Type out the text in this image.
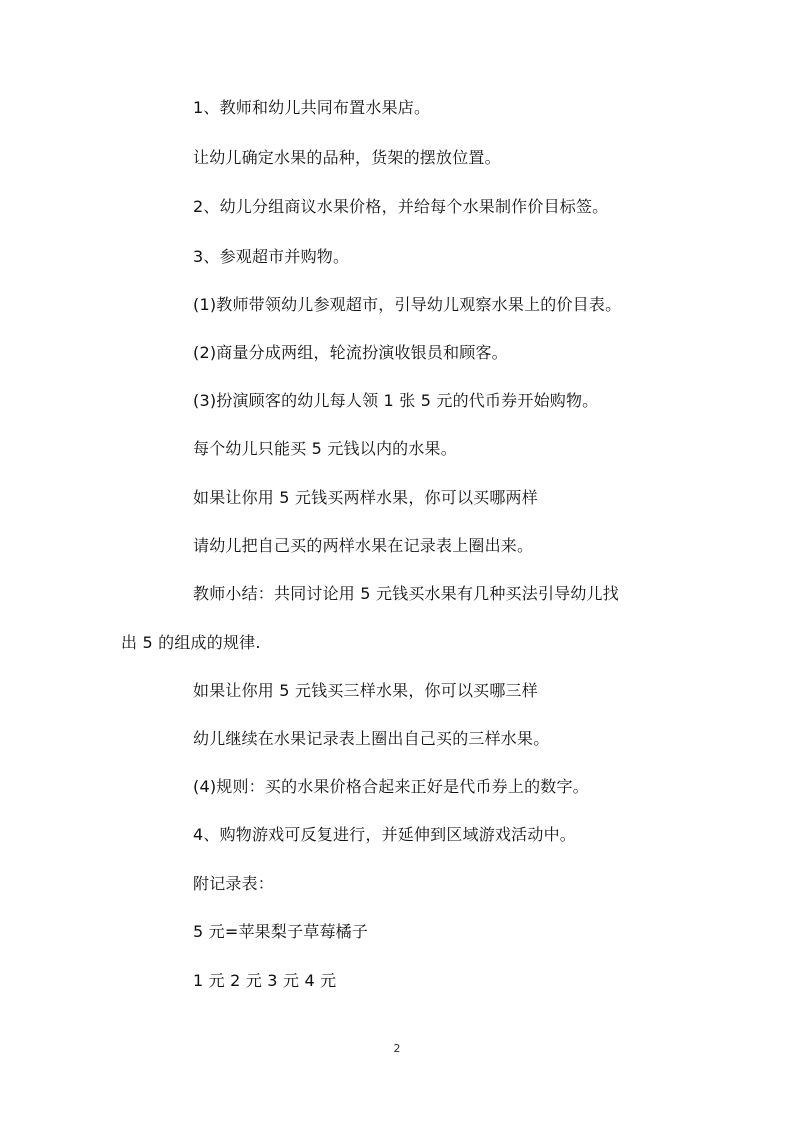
1、教师和幼儿共同布置水果店。
让幼儿确定水果的品种，货架的摆放位置。
2、幼儿分组商议水果价格，并给每个水果制作价目标签。
3、参观超市并购物。
(1)教师带领幼儿参观超市，引导幼儿观察水果上的价目表。
(2)商量分成两组，轮流扮演收银员和顾客。
(3)扮演顾客的幼儿每人领 1 张 5 元的代币券开始购物。
每个幼儿只能买 5 元钱以内的水果。
如果让你用 5 元钱买两样水果，你可以买哪两样
请幼儿把自己买的两样水果在记录表上圈出来。
教师小结：共同讨论用 5 元钱买水果有几种买法引导幼儿找
出 5 的组成的规律.
如果让你用 5 元钱买三样水果，你可以买哪三样
幼儿继续在水果记录表上圈出自己买的三样水果。
(4)规则：买的水果价格合起来正好是代币券上的数字。
4、购物游戏可反复进行，并延伸到区域游戏活动中。
附记录表：
5 元=苹果梨子草莓橘子
1 元 2 元 3 元 4 元
2
